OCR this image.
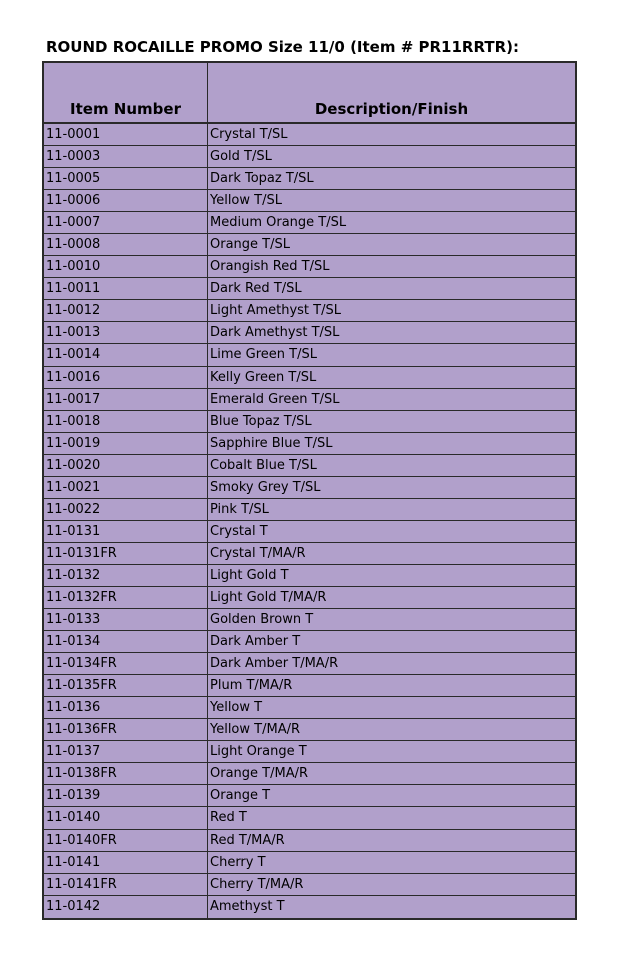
ROUND ROCAILLE PROMO Size 11/0 (Item # PR11RRTR):
Item Number	Description/Finish
11-0001	Crystal T/SL
11-0003	Gold T/SL
11-0005	Dark Topaz T/SL
11-0006	Yellow T/SL
11-0007	Medium Orange T/SL
11-0008	Orange T/SL
11-0010	Orangish Red T/SL
11-0011	Dark Red T/SL
11-0012	Light Amethyst T/SL
11-0013	Dark Amethyst T/SL
11-0014	Lime Green T/SL
11-0016	Kelly Green T/SL
11-0017	Emerald Green T/SL
11-0018	Blue Topaz T/SL
11-0019	Sapphire Blue T/SL
11-0020	Cobalt Blue T/SL
11-0021	Smoky Grey T/SL
11-0022	Pink T/SL
11-0131	Crystal T
11-0131FR	Crystal T/MA/R
11-0132	Light Gold T
11-0132FR	Light Gold T/MA/R
11-0133	Golden Brown T
11-0134	Dark Amber T
11-0134FR	Dark Amber T/MA/R
11-0135FR	Plum T/MA/R
11-0136	Yellow T
11-0136FR	Yellow T/MA/R
11-0137	Light Orange T
11-0138FR	Orange T/MA/R
11-0139	Orange T
11-0140	Red T
11-0140FR	Red T/MA/R
11-0141	Cherry T
11-0141FR	Cherry T/MA/R
11-0142	Amethyst T
